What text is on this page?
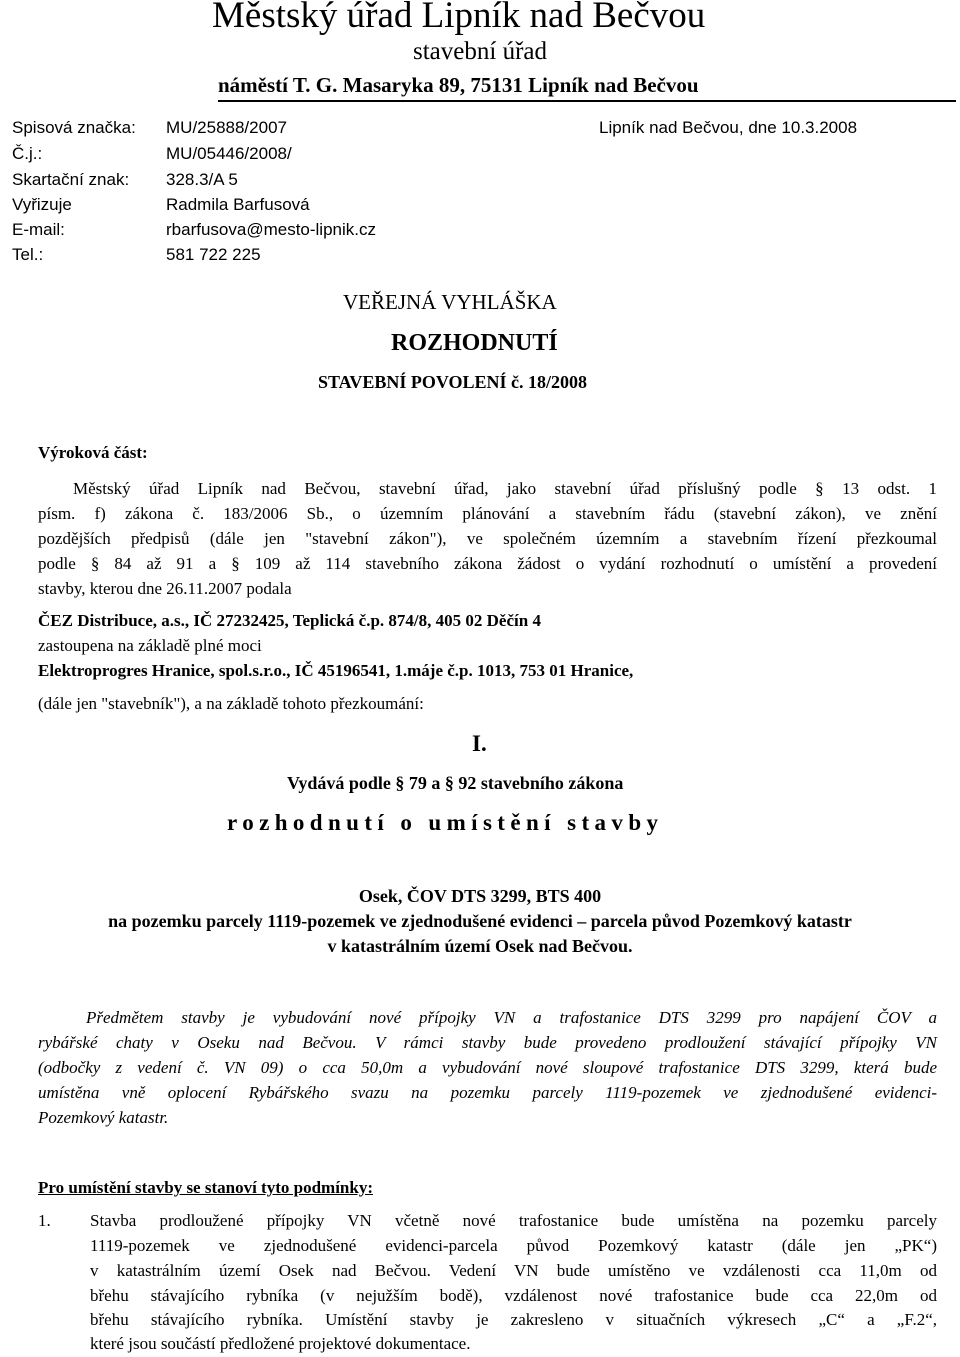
Městský úřad Lipník nad Bečvou
stavební úřad
náměstí T. G. Masaryka 89, 75131 Lipník nad Bečvou
Spisová značka: MU/25888/2007	Lipník nad Bečvou, dne 10.3.2008
Č.j.:	MU/05446/2008/
Skartační znak: 328.3/A 5
Vyřizuje	Radmila Barfusová
E-mail:	rbarfusova@mesto-lipnik.cz
Tel.:	581 722 225
VEŘEJNÁ VYHLÁŠKA
ROZHODNUTÍ
STAVEBNÍ POVOLENÍ č. 18/2008
Výroková část:
Městský úřad Lipník nad Bečvou, stavební úřad, jako stavební úřad příslušný podle § 13 odst. 1
písm. f) zákona č. 183/2006 Sb., o územním plánování a stavebním řádu (stavební zákon), ve znění
pozdějších předpisů (dále jen "stavební zákon"), ve společném územním a stavebním řízení přezkoumal
podle § 84 až 91 a § 109 až 114 stavebního zákona žádost o vydání rozhodnutí o umístění a provedení
stavby, kterou dne 26.11.2007 podala
ČEZ Distribuce, a.s., IČ 27232425, Teplická č.p. 874/8, 405 02 Děčín 4
zastoupena na základě plné moci
Elektroprogres Hranice, spol.s.r.o., IČ 45196541, 1.máje č.p. 1013, 753 01 Hranice,
(dále jen "stavebník"), a na základě tohoto přezkoumání:
I.
Vydává podle § 79 a § 92 stavebního zákona
rozhodnutí o umístění stavby
Osek, ČOV DTS 3299, BTS 400
na pozemku parcely 1119-pozemek ve zjednodušené evidenci – parcela původ Pozemkový katastr
v katastrálním území Osek nad Bečvou.
Předmětem stavby je vybudování nové přípojky VN a trafostanice DTS 3299 pro napájení ČOV a
rybářské chaty v Oseku nad Bečvou. V rámci stavby bude provedeno prodloužení stávající přípojky VN
(odbočky z vedení č. VN 09) o cca 50,0m a vybudování nové sloupové trafostanice DTS 3299, která bude
umístěna vně oplocení Rybářského svazu na pozemku parcely 1119-pozemek ve zjednodušené evidenci-
Pozemkový katastr.
Pro umístění stavby se stanoví tyto podmínky:
1. Stavba prodloužené přípojky VN včetně nové trafostanice bude umístěna na pozemku parcely
1119-pozemek ve zjednodušené evidenci-parcela původ Pozemkový katastr (dále jen „PK“)
v katastrálním území Osek nad Bečvou. Vedení VN bude umístěno ve vzdálenosti cca 11,0m od
břehu stávajícího rybníka (v nejužším bodě), vzdálenost nové trafostanice bude cca 22,0m od
břehu stávajícího rybníka. Umístění stavby je zakresleno v situačních výkresech „C“ a „F.2“,
které jsou součástí předložené projektové dokumentace.
